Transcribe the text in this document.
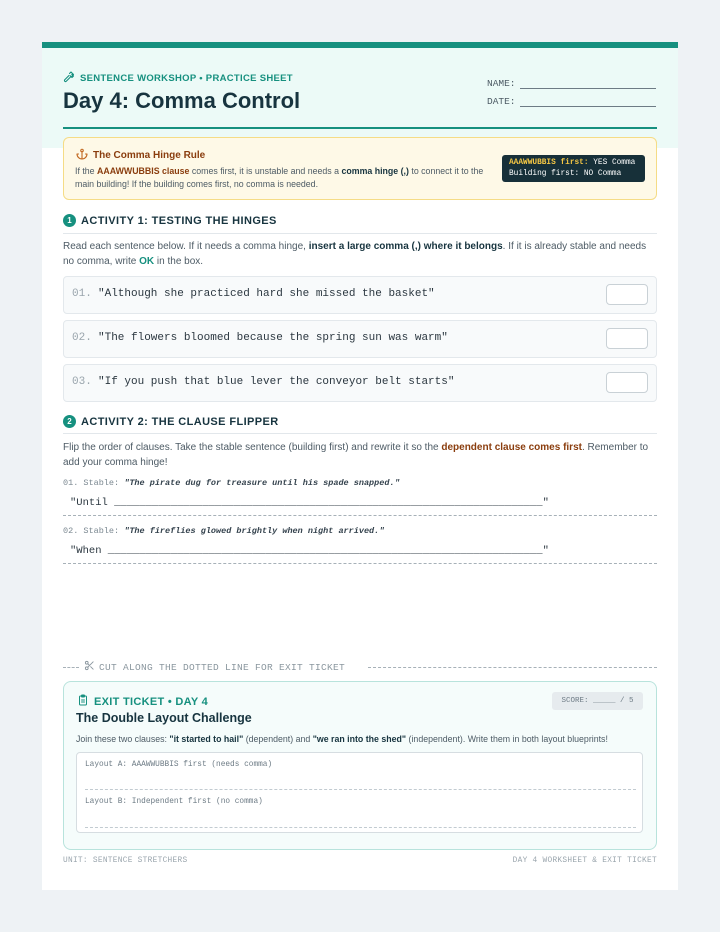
SENTENCE WORKSHOP • PRACTICE SHEET
Day 4: Comma Control
NAME:
DATE:
The Comma Hinge Rule
If the AAAWWUBBIS clause comes first, it is unstable and needs a comma hinge (,) to connect it to the main building! If the building comes first, no comma is needed.
AAAWWUBBIS first: YES Comma
Building first: NO Comma
1 ACTIVITY 1: TESTING THE HINGES
Read each sentence below. If it needs a comma hinge, insert a large comma (,) where it belongs. If it is already stable and needs no comma, write OK in the box.
01. "Although she practiced hard she missed the basket"
02. "The flowers bloomed because the spring sun was warm"
03. "If you push that blue lever the conveyor belt starts"
2 ACTIVITY 2: THE CLAUSE FLIPPER
Flip the order of clauses. Take the stable sentence (building first) and rewrite it so the dependent clause comes first. Remember to add your comma hinge!
01. Stable: "The pirate dug for treasure until his spade snapped."
"Until ____________________________________________________________________"
02. Stable: "The fireflies glowed brightly when night arrived."
"When _____________________________________________________________________"
CUT ALONG THE DOTTED LINE FOR EXIT TICKET
EXIT TICKET • DAY 4
The Double Layout Challenge
SCORE: _____ / 5
Join these two clauses: "it started to hail" (dependent) and "we ran into the shed" (independent). Write them in both layout blueprints!
Layout A: AAAWWUBBIS first (needs comma)
Layout B: Independent first (no comma)
UNIT: SENTENCE STRETCHERS	DAY 4 WORKSHEET & EXIT TICKET
